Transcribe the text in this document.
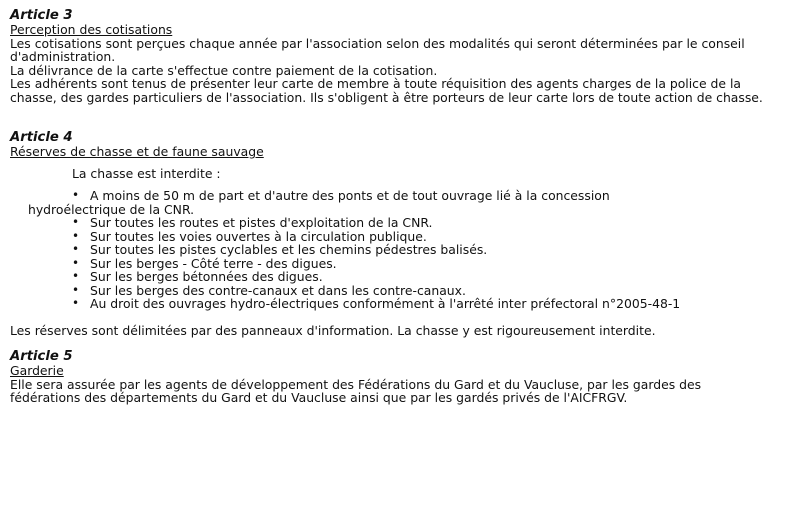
Article 3
Perception des cotisations

Les cotisations sont perçues chaque année par l'association selon des modalités qui seront déterminées par le conseil d'administration.

La délivrance de la carte s'effectue contre paiement de la cotisation.

Les adhérents sont tenus de présenter leur carte de membre à toute réquisition des agents charges de la police de la chasse, des gardes particuliers de l'association. Ils s'obligent à être porteurs de leur carte lors de toute action de chasse.

Article 4
Réserves de chasse et de faune sauvage
La chasse est interdite :
• A moins de 50 m de part et d'autre des ponts et de tout ouvrage lié à la concession
hydroélectrique de la CNR.
• Sur toutes les routes et pistes d'exploitation de la CNR.
• Sur toutes les voies ouvertes à la circulation publique.
• Sur toutes les pistes cyclables et les chemins pédestres balisés.
• Sur les berges - Côté terre - des digues.
• Sur les berges bétonnées des digues.
• Sur les berges des contre-canaux et dans les contre-canaux.
• Au droit des ouvrages hydro-électriques conformément à l'arrêté inter préfectoral n°2005-48-1

Les réserves sont délimitées par des panneaux d'information. La chasse y est rigoureusement interdite.

Article 5
Garderie

Elle sera assurée par les agents de développement des Fédérations du Gard et du Vaucluse, par les gardes des fédérations des départements du Gard et du Vaucluse ainsi que par les gardés privés de l'AICFRGV.
